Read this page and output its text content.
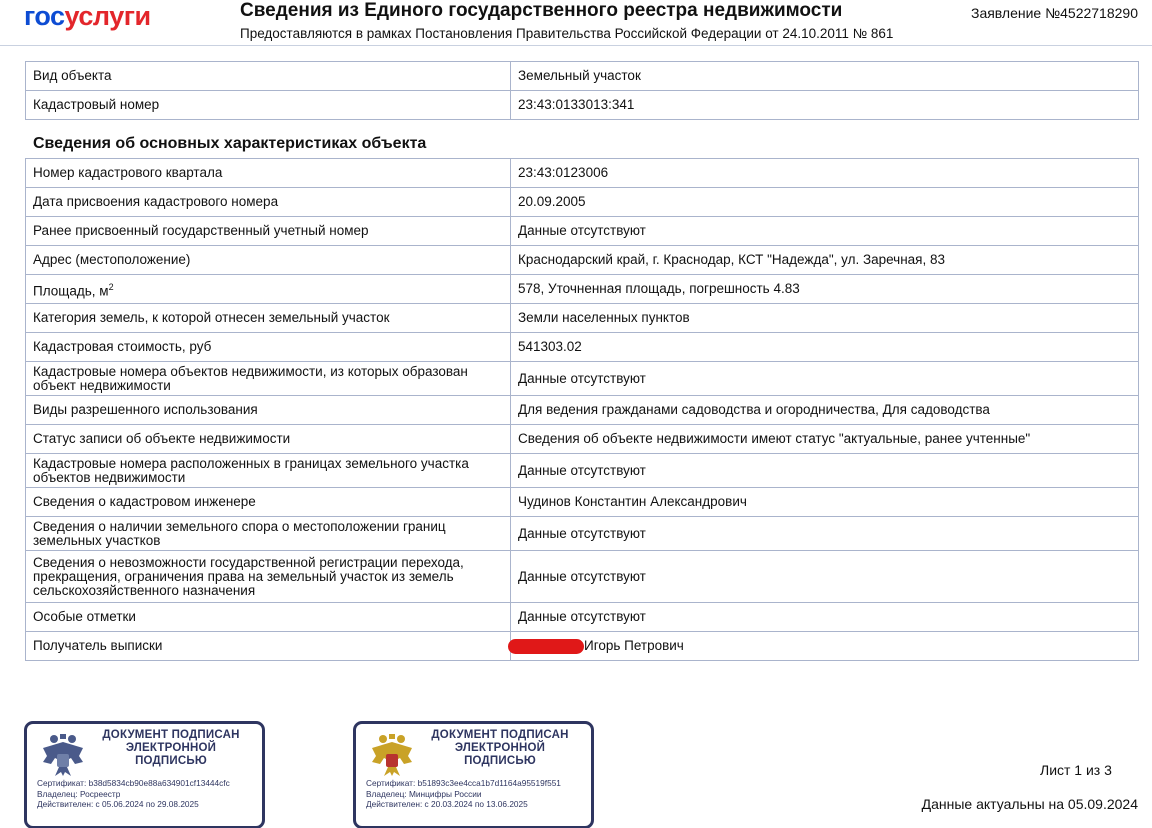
госуслуги	Сведения из Единого государственного реестра недвижимости
Предоставляются в рамках Постановления Правительства Российской Федерации от 24.10.2011 № 861
Заявление №4522718290
Вид объекта	Земельный участок
Кадастровый номер	23:43:0133013:341
Сведения об основных характеристиках объекта
Номер кадастрового квартала	23:43:0123006
Дата присвоения кадастрового номера	20.09.2005
Ранее присвоенный государственный учетный номер	Данные отсутствуют
Адрес (местоположение)	Краснодарский край, г. Краснодар, КСТ "Надежда", ул. Заречная, 83
Площадь, $м^2$	578, Уточненная площадь, погрешность 4.83
Категория земель, к которой отнесен земельный участок	Земли населенных пунктов
Кадастровая стоимость, руб	541303.02
Кадастровые номера объектов недвижимости, из которых образован объект недвижимости	Данные отсутствуют
Виды разрешенного использования	Для ведения гражданами садоводства и огородничества, Для садоводства
Статус записи об объекте недвижимости	Сведения об объекте недвижимости имеют статус "актуальные, ранее учтенные"
Кадастровые номера расположенных в границах земельного участка объектов недвижимости	Данные отсутствуют
Сведения о кадастровом инженере	Чудинов Константин Александрович
Сведения о наличии земельного спора о местоположении границ земельных участков	Данные отсутствуют
Сведения о невозможности государственной регистрации перехода, прекращения, ограничения права на земельный участок из земель сельскохозяйственного назначения	Данные отсутствуют
Особые отметки	Данные отсутствуют
Получатель выписки	Игорь Петрович
ДОКУМЕНТ ПОДПИСАН ЭЛЕКТРОННОЙ ПОДПИСЬЮ
Сертификат: b38d5834cb90e88a634901cf13444cfc
Владелец: Росреестр
Действителен: с 05.06.2024 по 29.08.2025
ДОКУМЕНТ ПОДПИСАН ЭЛЕКТРОННОЙ ПОДПИСЬЮ
Сертификат: b51893c3ee4cca1b7d1164a95519f551
Владелец: Минцифры России
Действителен: с 20.03.2024 по 13.06.2025
Лист 1 из 3
Данные актуальны на 05.09.2024
